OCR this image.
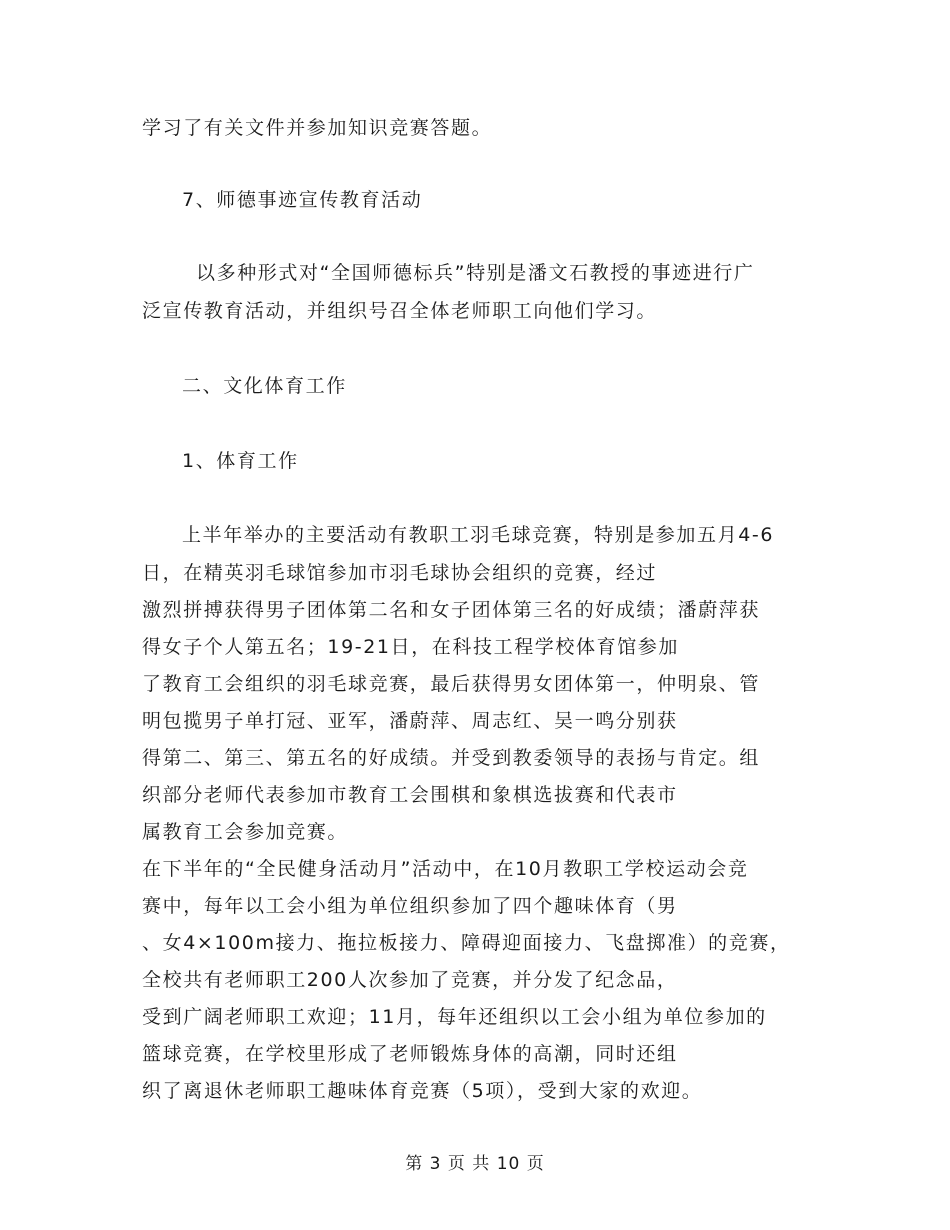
学习了有关文件并参加知识竞赛答题。
7、师德事迹宣传教育活动
以多种形式对“全国师德标兵”特别是潘文石教授的事迹进行广
泛宣传教育活动，并组织号召全体老师职工向他们学习。
二、文化体育工作
1、体育工作
上半年举办的主要活动有教职工羽毛球竞赛，特别是参加五月4-6
日，在精英羽毛球馆参加市羽毛球协会组织的竞赛，经过
激烈拼搏获得男子团体第二名和女子团体第三名的好成绩；潘蔚萍获
得女子个人第五名；19-21日，在科技工程学校体育馆参加
了教育工会组织的羽毛球竞赛，最后获得男女团体第一，仲明泉、管
明包揽男子单打冠、亚军，潘蔚萍、周志红、吴一鸣分别获
得第二、第三、第五名的好成绩。并受到教委领导的表扬与肯定。组
织部分老师代表参加市教育工会围棋和象棋选拔赛和代表市
属教育工会参加竞赛。
在下半年的“全民健身活动月”活动中，在10月教职工学校运动会竞
赛中，每年以工会小组为单位组织参加了四个趣味体育（男
、女4×100m接力、拖拉板接力、障碍迎面接力、飞盘掷准）的竞赛，
全校共有老师职工200人次参加了竞赛，并分发了纪念品，
受到广阔老师职工欢迎；11月，每年还组织以工会小组为单位参加的
篮球竞赛，在学校里形成了老师锻炼身体的高潮，同时还组
织了离退休老师职工趣味体育竞赛（5项），受到大家的欢迎。
第 3 页 共 10 页
